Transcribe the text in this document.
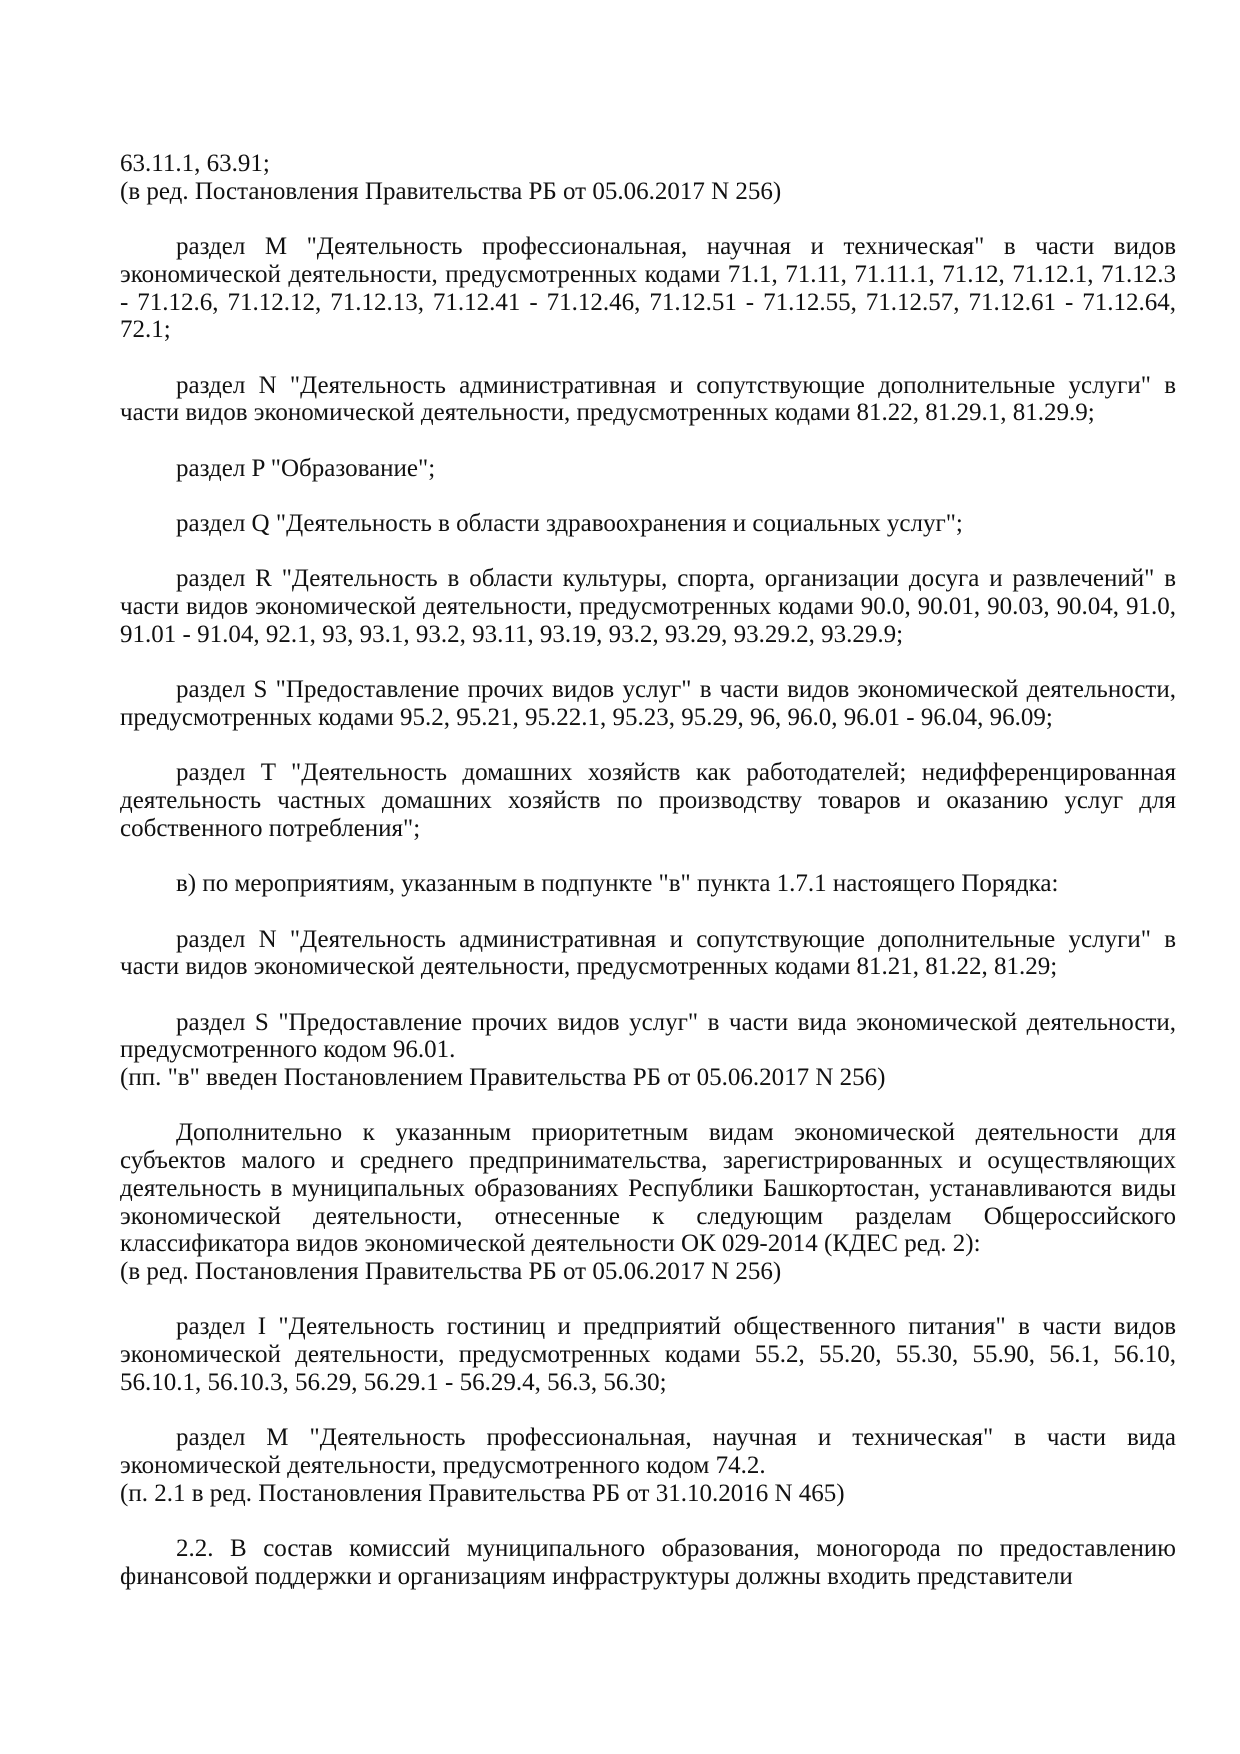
63.11.1, 63.91;
(в ред. Постановления Правительства РБ от 05.06.2017 N 256)

раздел M "Деятельность профессиональная, научная и техническая" в части видов экономической деятельности, предусмотренных кодами 71.1, 71.11, 71.11.1, 71.12, 71.12.1, 71.12.3 - 71.12.6, 71.12.12, 71.12.13, 71.12.41 - 71.12.46, 71.12.51 - 71.12.55, 71.12.57, 71.12.61 - 71.12.64, 72.1;

раздел N "Деятельность административная и сопутствующие дополнительные услуги" в части видов экономической деятельности, предусмотренных кодами 81.22, 81.29.1, 81.29.9;

раздел P "Образование";

раздел Q "Деятельность в области здравоохранения и социальных услуг";

раздел R "Деятельность в области культуры, спорта, организации досуга и развлечений" в части видов экономической деятельности, предусмотренных кодами 90.0, 90.01, 90.03, 90.04, 91.0, 91.01 - 91.04, 92.1, 93, 93.1, 93.2, 93.11, 93.19, 93.2, 93.29, 93.29.2, 93.29.9;

раздел S "Предоставление прочих видов услуг" в части видов экономической деятельности, предусмотренных кодами 95.2, 95.21, 95.22.1, 95.23, 95.29, 96, 96.0, 96.01 - 96.04, 96.09;

раздел T "Деятельность домашних хозяйств как работодателей; недифференцированная деятельность частных домашних хозяйств по производству товаров и оказанию услуг для собственного потребления";

в) по мероприятиям, указанным в подпункте "в" пункта 1.7.1 настоящего Порядка:

раздел N "Деятельность административная и сопутствующие дополнительные услуги" в части видов экономической деятельности, предусмотренных кодами 81.21, 81.22, 81.29;

раздел S "Предоставление прочих видов услуг" в части вида экономической деятельности, предусмотренного кодом 96.01.
(пп. "в" введен Постановлением Правительства РБ от 05.06.2017 N 256)

Дополнительно к указанным приоритетным видам экономической деятельности для субъектов малого и среднего предпринимательства, зарегистрированных и осуществляющих деятельность в муниципальных образованиях Республики Башкортостан, устанавливаются виды экономической деятельности, отнесенные к следующим разделам Общероссийского классификатора видов экономической деятельности ОК 029-2014 (КДЕС ред. 2):
(в ред. Постановления Правительства РБ от 05.06.2017 N 256)

раздел I "Деятельность гостиниц и предприятий общественного питания" в части видов экономической деятельности, предусмотренных кодами 55.2, 55.20, 55.30, 55.90, 56.1, 56.10, 56.10.1, 56.10.3, 56.29, 56.29.1 - 56.29.4, 56.3, 56.30;

раздел M "Деятельность профессиональная, научная и техническая" в части вида экономической деятельности, предусмотренного кодом 74.2.
(п. 2.1 в ред. Постановления Правительства РБ от 31.10.2016 N 465)

2.2. В состав комиссий муниципального образования, моногорода по предоставлению финансовой поддержки и организациям инфраструктуры должны входить представители
